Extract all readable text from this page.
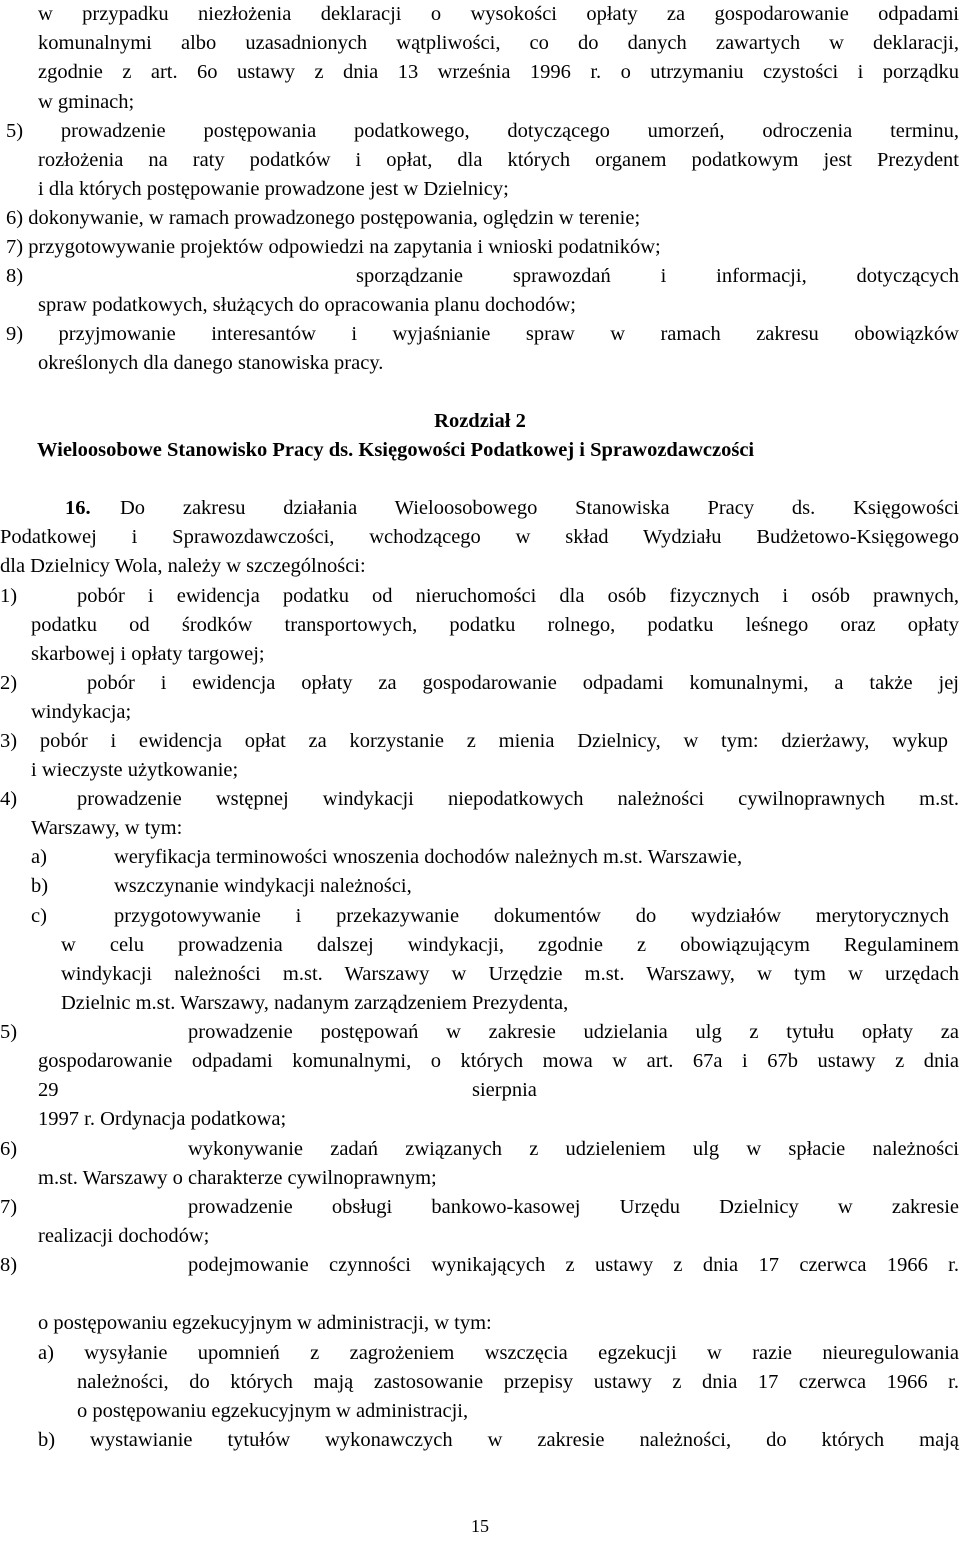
w przypadku niezłożenia deklaracji o wysokości opłaty za gospodarowanie odpadami
komunalnymi albo uzasadnionych wątpliwości, co do danych zawartych w deklaracji,
zgodnie z art. 6o ustawy z dnia 13 września 1996 r. o utrzymaniu czystości i porządku
w gminach;
5) prowadzenie postępowania podatkowego, dotyczącego umorzeń, odroczenia terminu,
rozłożenia na raty podatków i opłat, dla których organem podatkowym jest Prezydent
i dla których postępowanie prowadzone jest w Dzielnicy;
6) dokonywanie, w ramach prowadzonego postępowania, oględzin w terenie;
7) przygotowywanie projektów odpowiedzi na zapytania i wnioski podatników;
8)	sporządzanie sprawozdań i informacji, dotyczących
spraw podatkowych, służących do opracowania planu dochodów;
9) przyjmowanie interesantów i wyjaśnianie spraw w ramach zakresu obowiązków
określonych dla danego stanowiska pracy.
Rozdział 2
Wieloosobowe Stanowisko Pracy ds. Księgowości Podatkowej i Sprawozdawczości
16. Do zakresu działania Wieloosobowego Stanowiska Pracy ds. Księgowości
Podatkowej i Sprawozdawczości, wchodzącego w skład Wydziału Budżetowo-Księgowego
dla Dzielnicy Wola, należy w szczególności:
1)	pobór i ewidencja podatku od nieruchomości dla osób fizycznych i osób prawnych,
podatku od środków transportowych, podatku rolnego, podatku leśnego oraz opłaty
skarbowej i opłaty targowej;
2)	pobór i ewidencja opłaty za gospodarowanie odpadami komunalnymi, a także jej
windykacja;
3) pobór i ewidencja opłat za korzystanie z mienia Dzielnicy, w tym: dzierżawy, wykup
i wieczyste użytkowanie;
4)	prowadzenie wstępnej windykacji niepodatkowych należności cywilnoprawnych m.st.
Warszawy, w tym:
a)	weryfikacja terminowości wnoszenia dochodów należnych m.st. Warszawie,
b)	wszczynanie windykacji należności,
c)	przygotowywanie i przekazywanie dokumentów do wydziałów merytorycznych
w celu prowadzenia dalszej windykacji, zgodnie z obowiązującym Regulaminem
windykacji należności m.st. Warszawy w Urzędzie m.st. Warszawy, w tym w urzędach
Dzielnic m.st. Warszawy, nadanym zarządzeniem Prezydenta,
5)	prowadzenie postępowań w zakresie udzielania ulg z tytułu opłaty za
gospodarowanie odpadami komunalnymi, o których mowa w art. 67a i 67b ustawy z dnia
29	sierpnia
1997 r. Ordynacja podatkowa;
6)	wykonywanie zadań związanych z udzieleniem ulg w spłacie należności
m.st. Warszawy o charakterze cywilnoprawnym;
7)	prowadzenie obsługi bankowo-kasowej Urzędu Dzielnicy w zakresie
realizacji dochodów;
8)	podejmowanie czynności wynikających z ustawy z dnia 17 czerwca 1966 r.
o postępowaniu egzekucyjnym w administracji, w tym:
a) wysyłanie upomnień z zagrożeniem wszczęcia egzekucji w razie nieuregulowania
należności, do których mają zastosowanie przepisy ustawy z dnia 17 czerwca 1966 r.
o postępowaniu egzekucyjnym w administracji,
b) wystawianie tytułów wykonawczych w zakresie należności, do których mają
15
